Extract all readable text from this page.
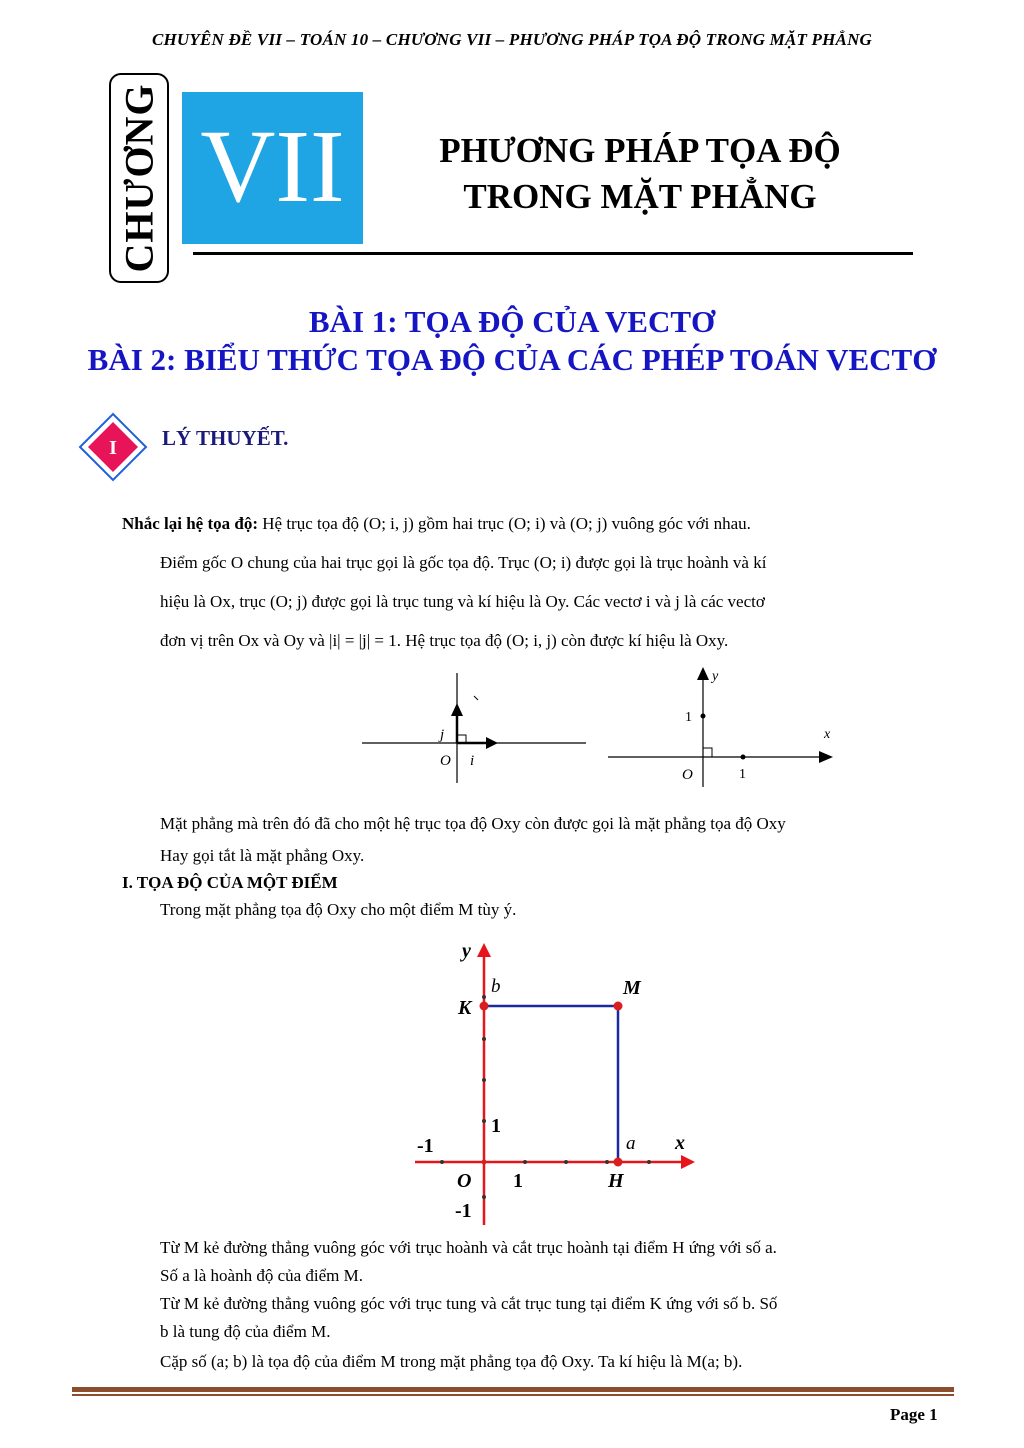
CHUYÊN ĐỀ VII – TOÁN 10 – CHƯƠNG VII – PHƯƠNG PHÁP TỌA ĐỘ TRONG MẶT PHẲNG
CHƯƠNG VII	PHƯƠNG PHÁP TỌA ĐỘ
TRONG MẶT PHẲNG
BÀI 1: TỌA ĐỘ CỦA VECTƠ
BÀI 2: BIỂU THỨC TỌA ĐỘ CỦA CÁC PHÉP TOÁN VECTƠ
I LÝ THUYẾT.
Nhắc lại hệ tọa độ: Hệ trục tọa độ (O; i, j) gồm hai trục (O; i) và (O; j) vuông góc với nhau.
Điểm gốc O chung của hai trục gọi là gốc tọa độ. Trục (O; i) được gọi là trục hoành và kí
hiệu là Ox, trục (O; j) được gọi là trục tung và kí hiệu là Oy. Các vectơ i và j là các vectơ
đơn vị trên Ox và Oy và |i| = |j| = 1. Hệ trục tọa độ (O; i, j) còn được kí hiệu là Oxy.
j
O i
y
x
1
1
O
Mặt phẳng mà trên đó đã cho một hệ trục tọa độ Oxy còn được gọi là mặt phẳng tọa độ Oxy
Hay gọi tắt là mặt phẳng Oxy.
I. TỌA ĐỘ CỦA MỘT ĐIỂM
Trong mặt phẳng tọa độ Oxy cho một điểm M tùy ý.
y
x
b	M
K
1
-1	a
O 1	H
-1
Từ M kẻ đường thẳng vuông góc với trục hoành và cắt trục hoành tại điểm H ứng với số a.
Số a là hoành độ của điểm M.
Từ M kẻ đường thẳng vuông góc với trục tung và cắt trục tung tại điểm K ứng với số b. Số
b là tung độ của điểm M.
Cặp số (a; b) là tọa độ của điểm M trong mặt phẳng tọa độ Oxy. Ta kí hiệu là M(a; b).
Page 1
